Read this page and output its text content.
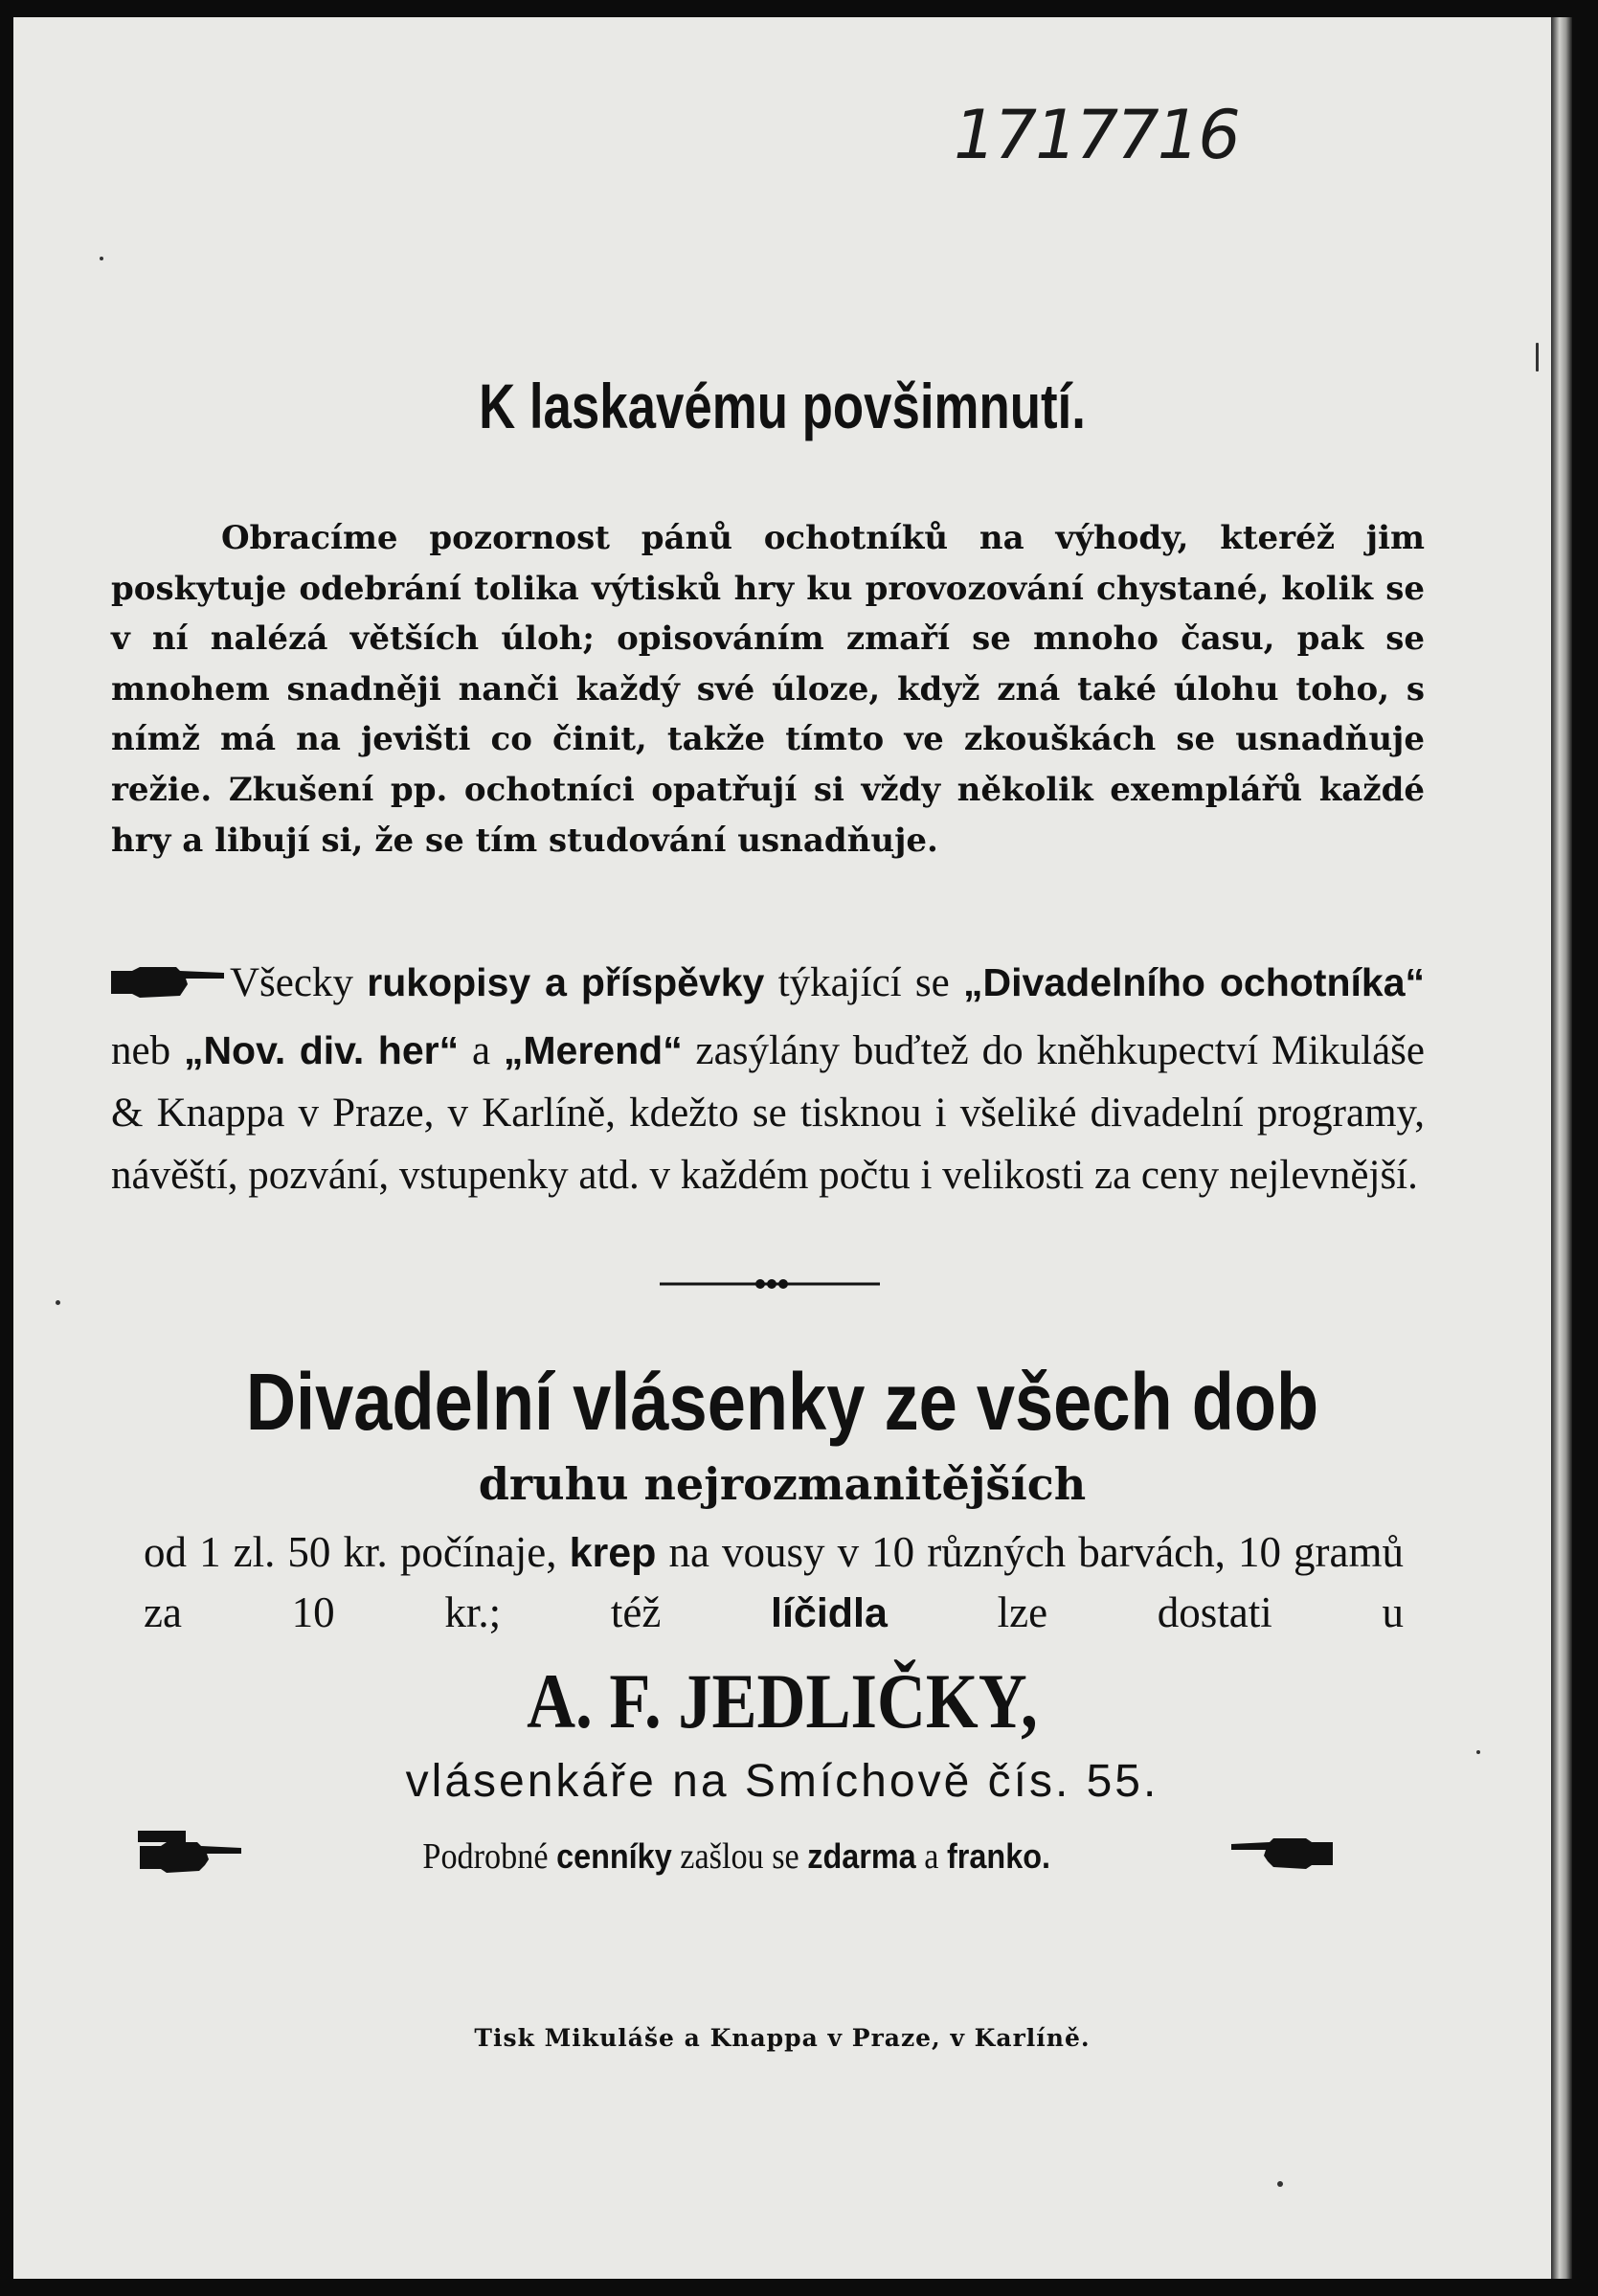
1717716
K laskavému povšimnutí.

Obracíme pozornost pánů ochotníků na výhody, kteréž jim poskytuje odebrání tolika výtisků hry ku provozování chystané, kolik se v ní nalézá větších úloh; opisováním zmaří se mnoho času, pak se mnohem snadněji nanči každý své úloze, když zná také úlohu toho, s nímž má na jevišti co činit, takže tímto ve zkouškách se usnadňuje režie. Zkušení pp. ochotníci opatřují si vždy několik exemplářů každé hry a libují si, že se tím studování usnadňuje.

Všecky rukopisy a příspěvky týkající se „Divadelního ochotníka“ neb „Nov. div. her“ a „Merend“ zasýlány buďtež do kněhkupectví Mikuláše & Knappa v Praze, v Karlíně, kdežto se tisknou i všeliké divadelní programy, návěští, pozvání, vstupenky atd. v každém počtu i velikosti za ceny nejlevnější.

Divadelní vlásenky ze všech dob
druhu nejrozmanitějších

od 1 zl. 50 kr. počínaje, krep na vousy v 10 různých barvách, 10 gramů za 10 kr.; též líčidla lze dostati u

A. F. JEDLIČKY,
vlásenkáře na Smíchově čís. 55.
Podrobné cenníky zašlou se zdarma a franko.
Tisk Mikuláše a Knappa v Praze, v Karlíně.
